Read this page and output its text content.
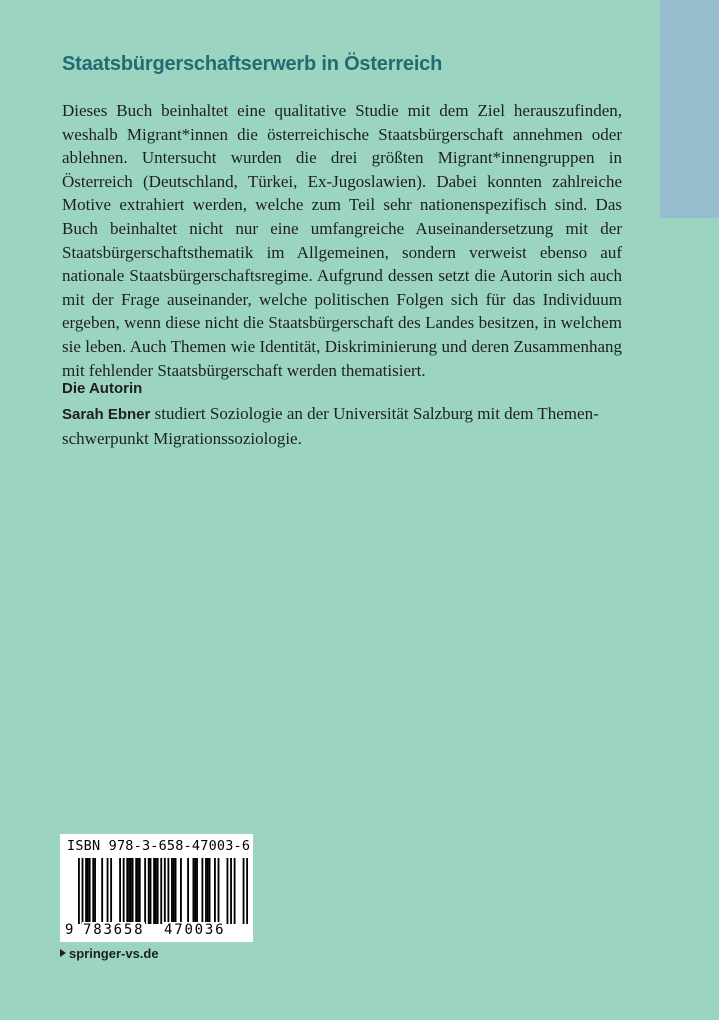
Staatsbürgerschaftserwerb in Österreich

Dieses Buch beinhaltet eine qualitative Studie mit dem Ziel herauszufinden, weshalb Migrant*innen die österreichische Staatsbürgerschaft annehmen oder ablehnen. Untersucht wurden die drei größten Migrant*innengruppen in Österreich (Deutschland, Türkei, Ex-Jugoslawien). Dabei konnten zahlreiche Motive extrahiert werden, welche zum Teil sehr nationenspezifisch sind. Das Buch beinhaltet nicht nur eine umfangreiche Auseinandersetzung mit der Staatsbürgerschaftsthematik im Allgemeinen, sondern verweist ebenso auf nationale Staatsbürgerschaftsregime. Aufgrund dessen setzt die Autorin sich auch mit der Frage auseinander, welche politischen Folgen sich für das Individuum ergeben, wenn diese nicht die Staatsbürgerschaft des Landes besitzen, in welchem sie leben. Auch Themen wie Identität, Diskriminierung und deren Zusammenhang mit fehlender Staatsbürgerschaft werden thematisiert.

Die Autorin

Sarah Ebner studiert Soziologie an der Universität Salzburg mit dem Themenschwerpunkt Migrationssoziologie.

ISBN 978-3-658-47003-6
9 783658 470036
springer-vs.de
